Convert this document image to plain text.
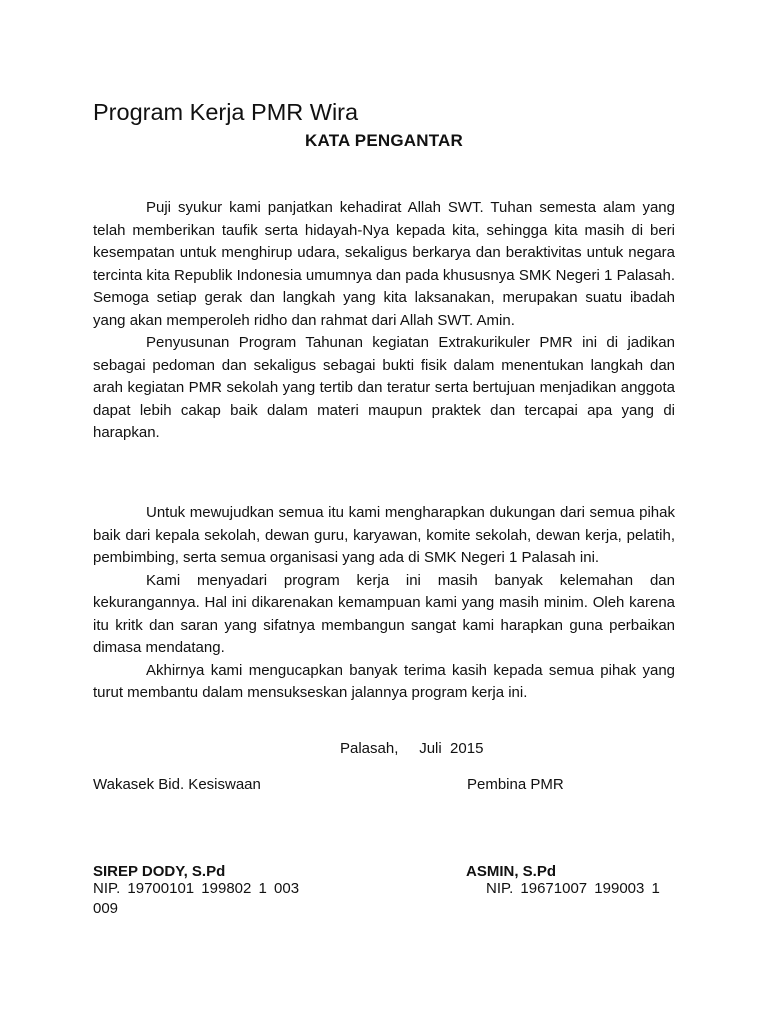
Program Kerja PMR Wira
KATA PENGANTAR

Puji syukur kami panjatkan kehadirat Allah SWT. Tuhan semesta alam yang telah memberikan taufik serta hidayah-Nya kepada kita, sehingga kita masih di beri kesempatan untuk menghirup udara, sekaligus berkarya dan beraktivitas untuk negara tercinta kita Republik Indonesia umumnya dan pada khususnya SMK Negeri 1 Palasah. Semoga setiap gerak dan langkah yang kita laksanakan, merupakan suatu ibadah yang akan memperoleh ridho dan rahmat dari Allah SWT. Amin.

Penyusunan Program Tahunan kegiatan Extrakurikuler PMR ini di jadikan sebagai pedoman dan sekaligus sebagai bukti fisik dalam menentukan langkah dan arah kegiatan PMR sekolah yang tertib dan teratur serta bertujuan menjadikan anggota dapat lebih cakap baik dalam materi maupun praktek dan tercapai apa yang di harapkan.

Untuk mewujudkan semua itu kami mengharapkan dukungan dari semua pihak baik dari kepala sekolah, dewan guru, karyawan, komite sekolah, dewan kerja, pelatih, pembimbing, serta semua organisasi yang ada di SMK Negeri 1 Palasah ini.

Kami menyadari program kerja ini masih banyak kelemahan dan kekurangannya. Hal ini dikarenakan kemampuan kami yang masih minim. Oleh karena itu kritk dan saran yang sifatnya membangun sangat kami harapkan guna perbaikan dimasa mendatang.

Akhirnya kami mengucapkan banyak terima kasih kepada semua pihak yang turut membantu dalam mensukseskan jalannya program kerja ini.

Palasah,     Juli  2015
Wakasek Bid. Kesiswaan	Pembina PMR
SIREP DODY, S.Pd	ASMIN, S.Pd
NIP. 19700101 199802 1 003 009
NIP. 19671007 199003 1
